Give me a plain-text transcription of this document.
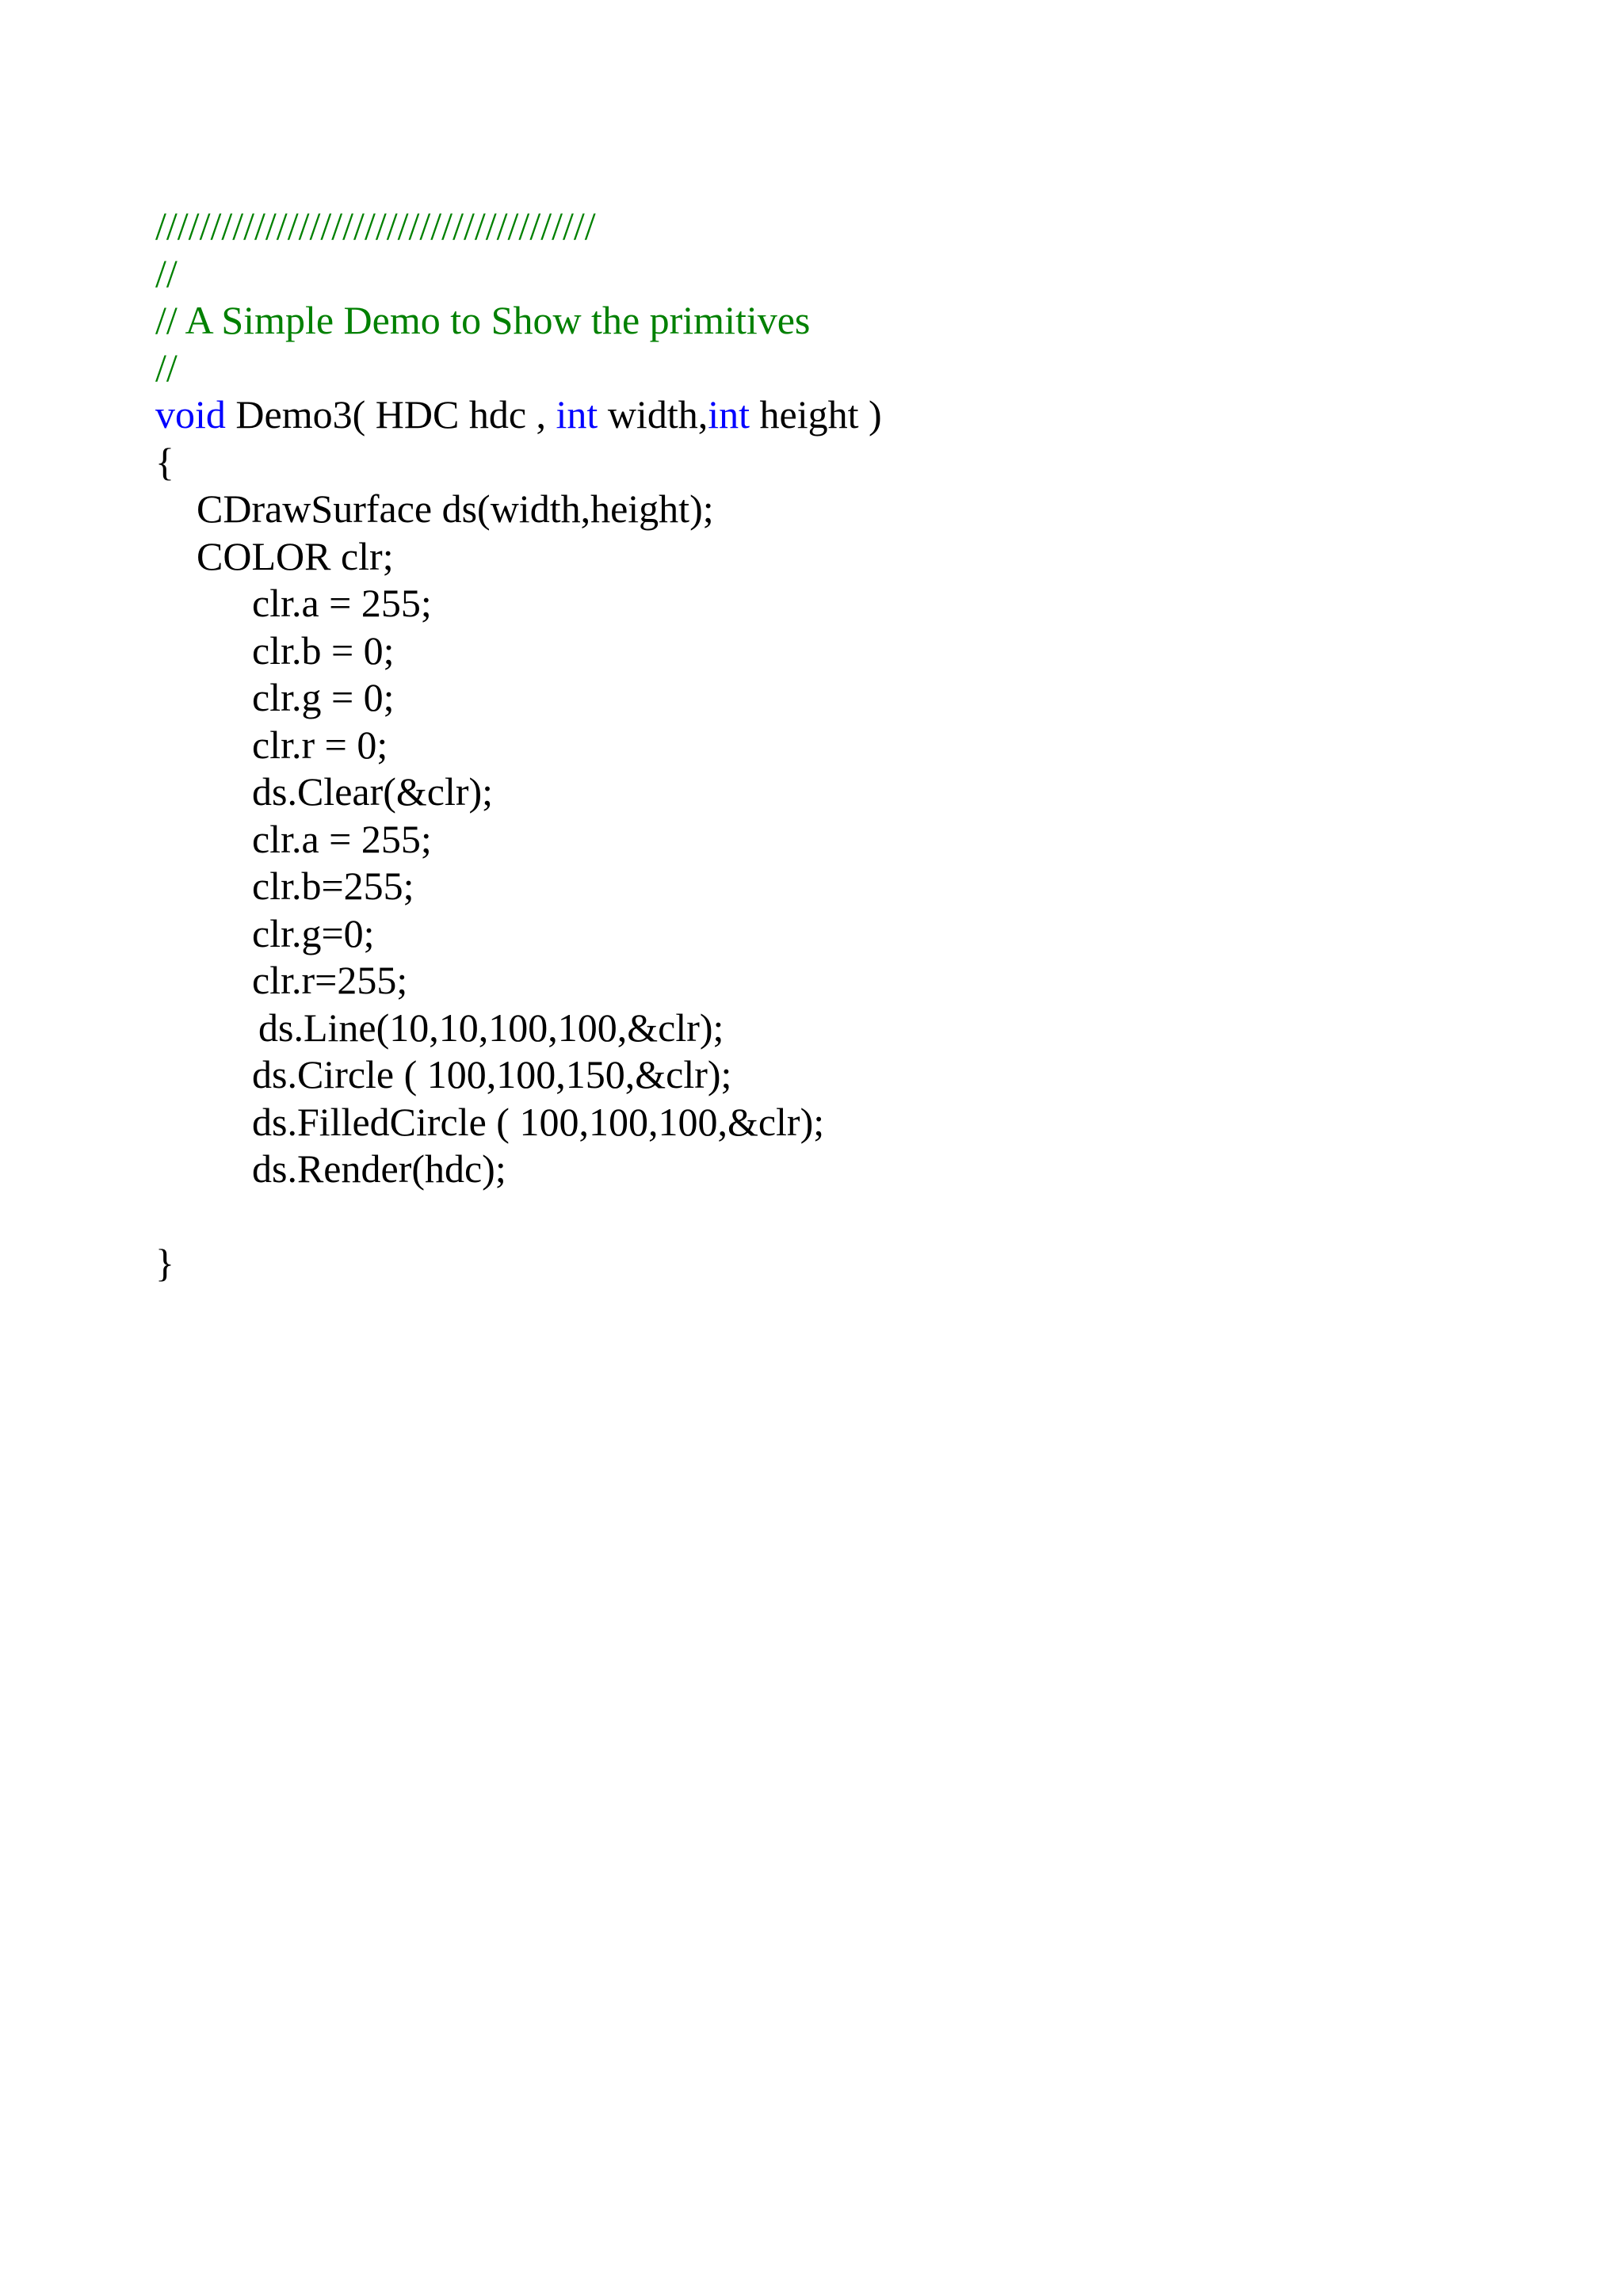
////////////////////////////////////////
//
// A Simple Demo to Show the primitives
//
void Demo3( HDC hdc , int width,int height )
{
CDrawSurface ds(width,height);
COLOR clr;
clr.a = 255;
clr.b = 0;
clr.g = 0;
clr.r = 0;
ds.Clear(&clr);
clr.a = 255;
clr.b=255;
clr.g=0;
clr.r=255;
ds.Line(10,10,100,100,&clr);
ds.Circle ( 100,100,150,&clr);
ds.FilledCircle ( 100,100,100,&clr);
ds.Render(hdc);
}
